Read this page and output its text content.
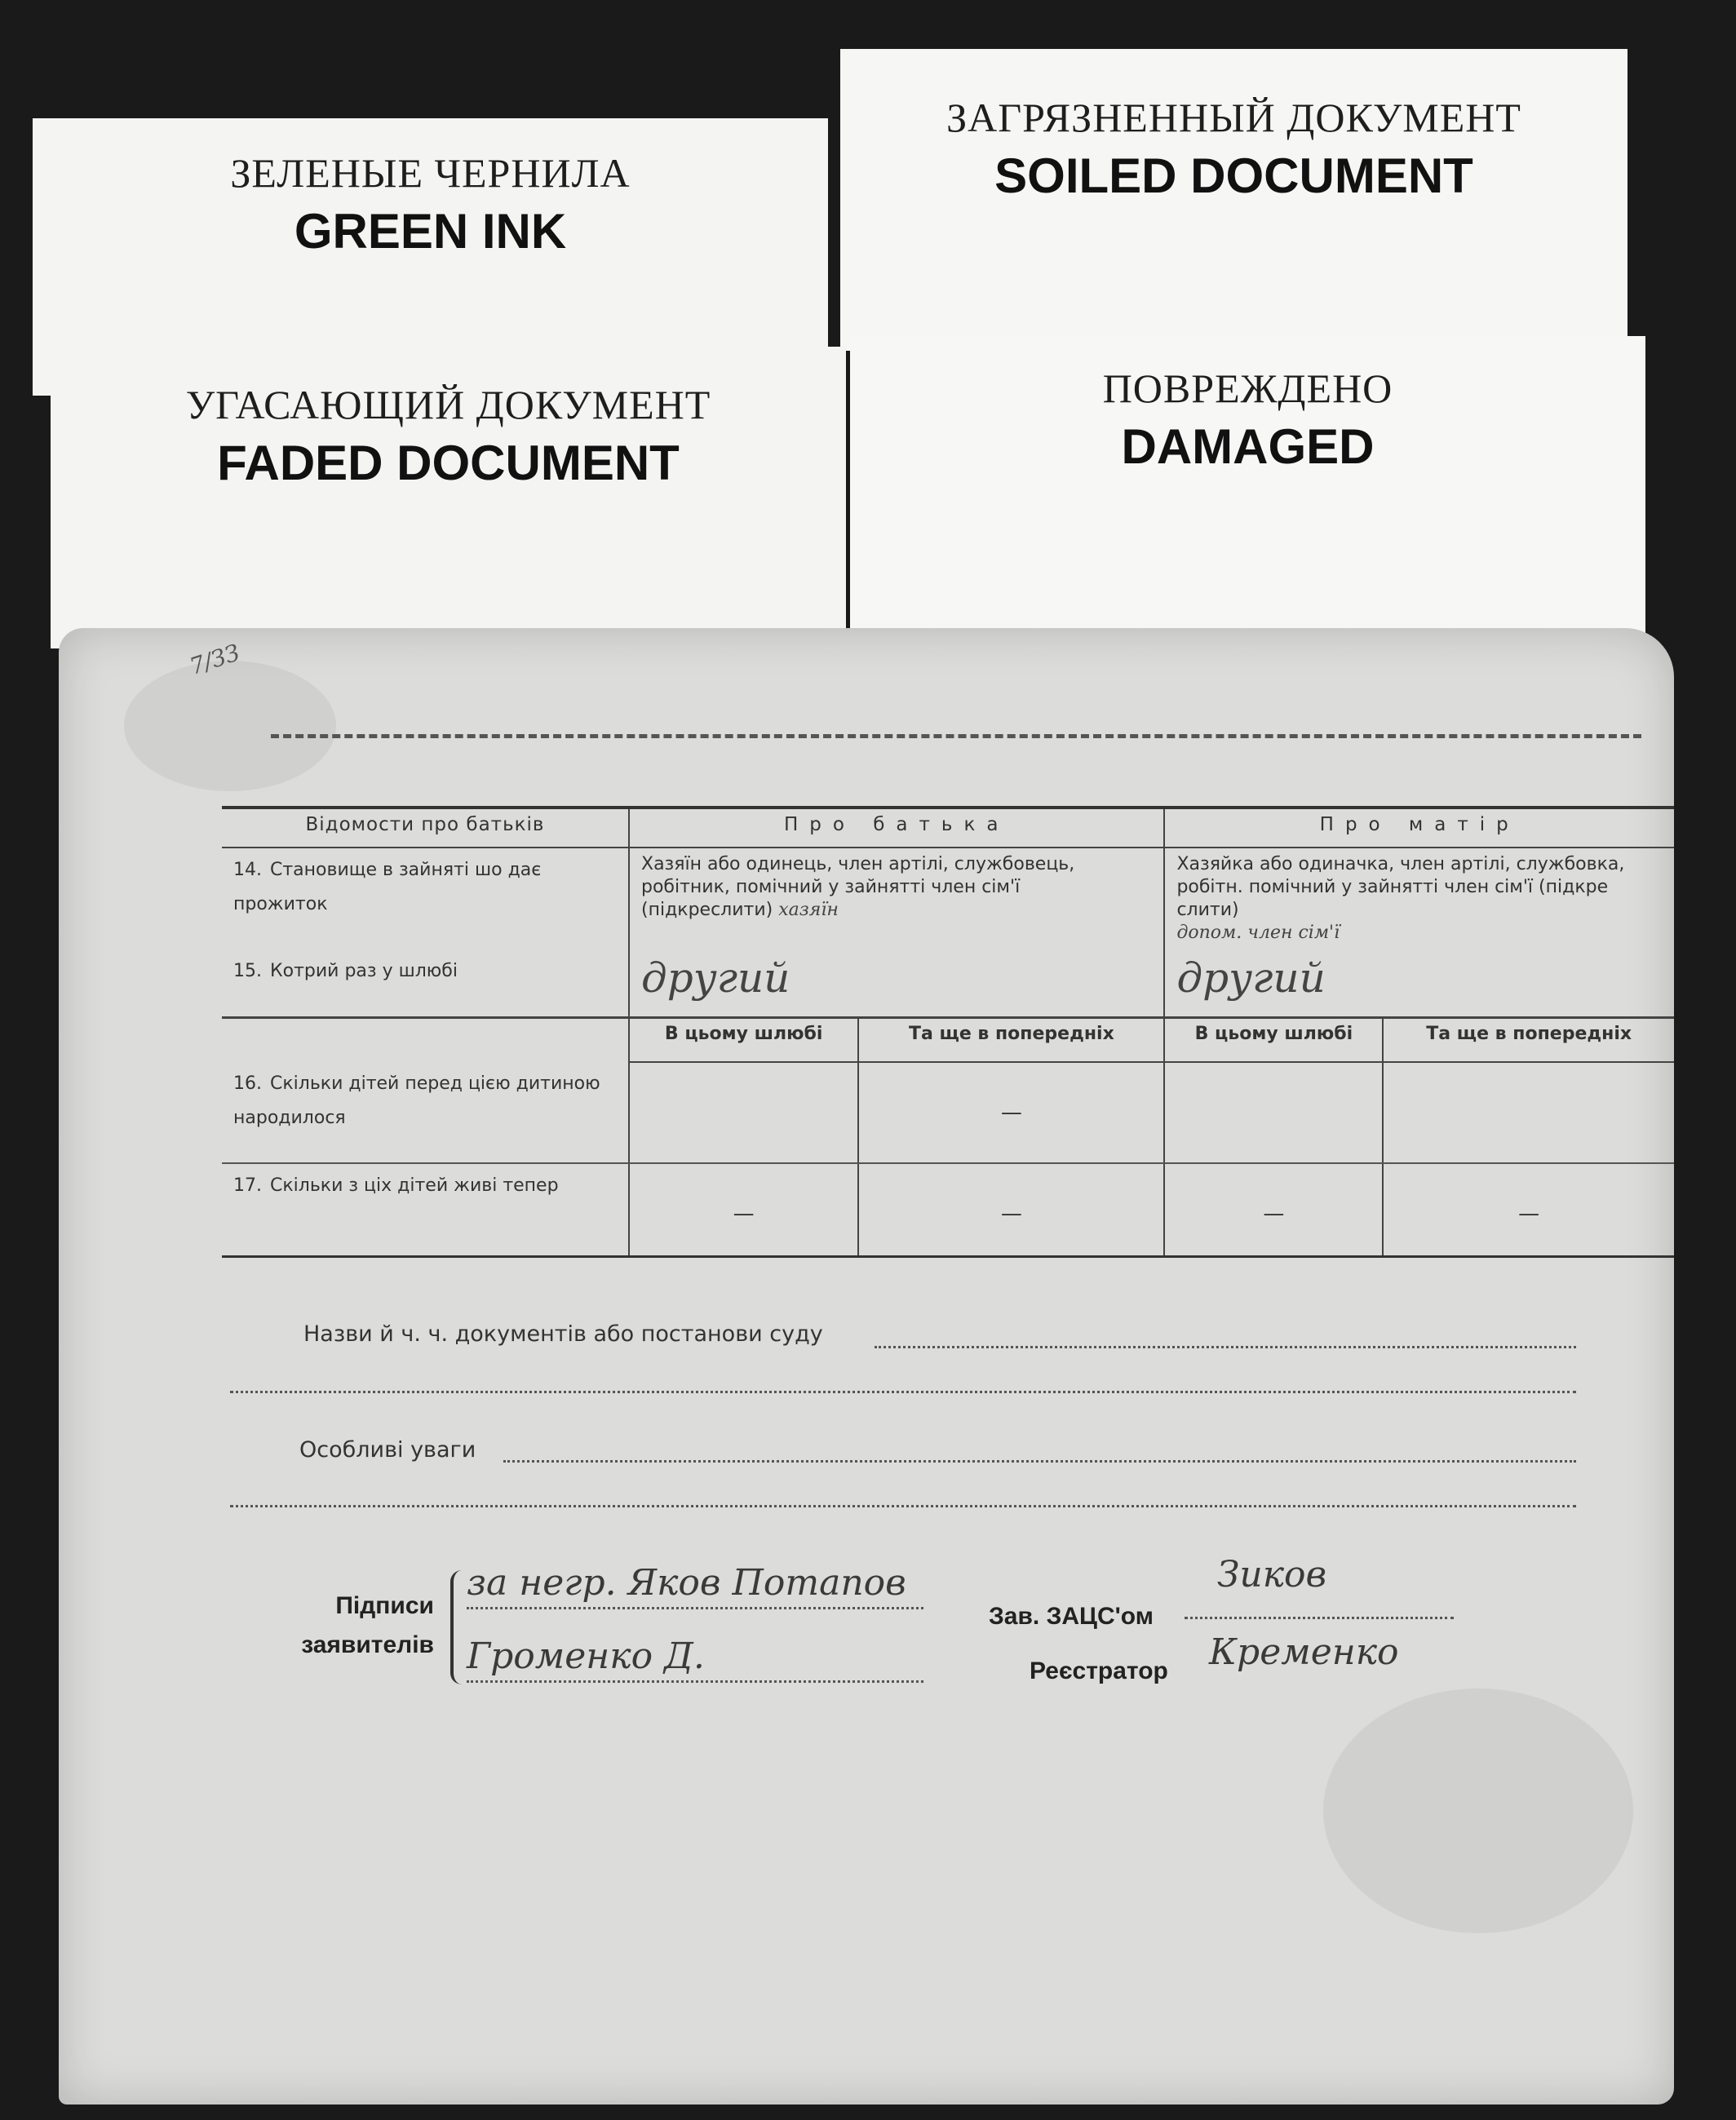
ЗЕЛЕНЫЕ ЧЕРНИЛА
GREEN INK
ЗАГРЯЗНЕННЫЙ ДОКУМЕНТ
SOILED DOCUMENT
УГАСАЮЩИЙ ДОКУМЕНТ
FADED DOCUMENT
ПОВРЕЖДЕНО
DAMAGED
7/ЗЗ
Відомости про батьків	Про батька		Про матір	
14. Становище в зайняті шо дає прожиток	Хазяїн або одинець, член артілі, службовець, робітник, помічний у зайнятті член сім'ї (підкреслити) хазяїн		Хазяйка або одиначка, член артілі, службовка, робітн. помічний у зайнятті член сім'ї (підкре слити)
допом. член сім'ї	
15. Котрий раз у шлюбі	другий		другий	
	В цьому шлюбі	Та ще в попередніх	В цьому шлюбі	Та ще в попередніх
16. Скільки дітей перед цією дитиною народилося		—		

17. Скільки з ціх дітей живі тепер	—	—	—	—
Назви й ч. ч. документів або постанови суду
Особливі уваги
Підписи
заявителів
за негр. Яков Потапов
Громенко Д.
Зав. ЗАЦС'ом
Зиков
Реєстратор Кременко
